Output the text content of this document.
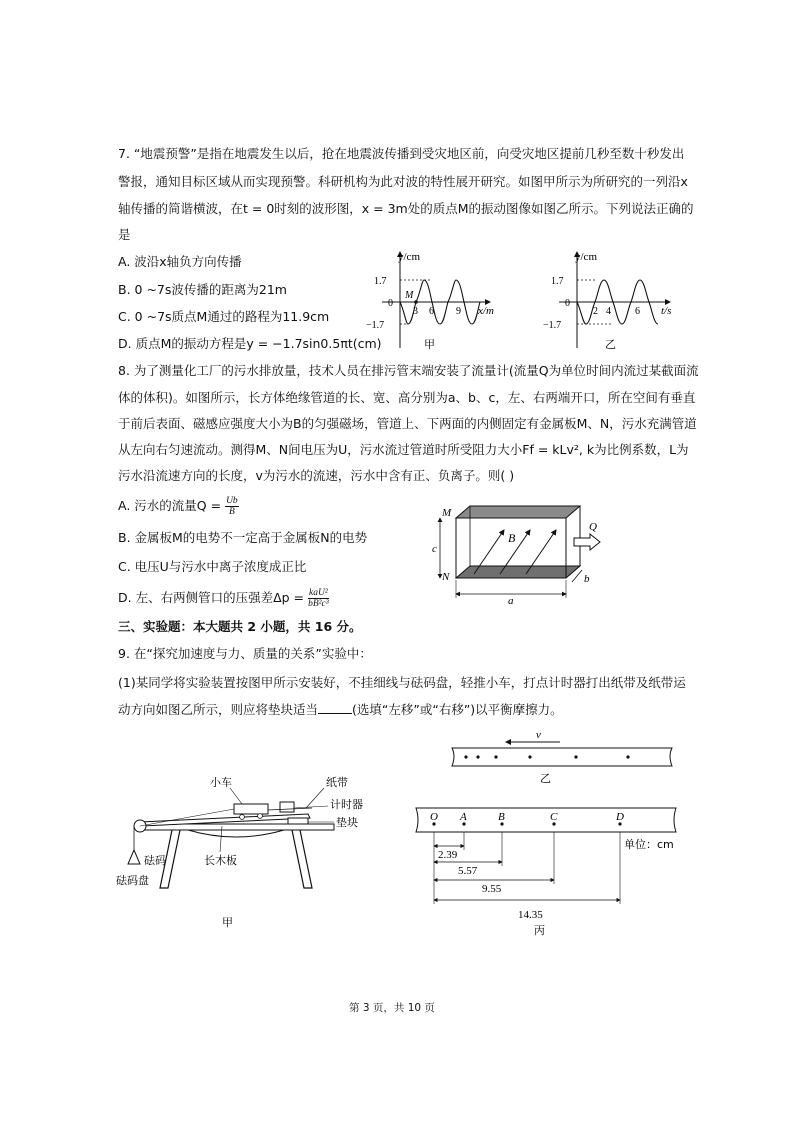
7. “地震预警”是指在地震发生以后，抢在地震波传播到受灾地区前，向受灾地区提前几秒至数十秒发出
警报，通知目标区域从而实现预警。科研机构为此对波的特性展开研究。如图甲所示为所研究的一列沿x
轴传播的简谐横波，在t = 0时刻的波形图，x = 3m处的质点M的振动图像如图乙所示。下列说法正确的
是
A. 波沿x轴负方向传播
B. 0 ~7s波传播的距离为21m
C. 0 ~7s质点M通过的路程为11.9cm
D. 质点M的振动方程是y = −1.7sin0.5πt(cm)
y/cm
x/m
1.7
0
−1.7
M
3 6 9
甲
y/cm
t/s
1.7
0
−1.7
2 4 6
乙
8. 为了测量化工厂的污水排放量，技术人员在排污管末端安装了流量计(流量Q为单位时间内流过某截面流
体的体积)。如图所示，长方体绝缘管道的长、宽、高分别为a、b、c，左、右两端开口，所在空间有垂直
于前后表面、磁感应强度大小为B的匀强磁场，管道上、下两面的内侧固定有金属板M、N，污水充满管道
从左向右匀速流动。测得M、N间电压为U，污水流过管道时所受阻力大小Ff = kLv², k为比例系数，L为
污水沿流速方向的长度，v为污水的流速，污水中含有正、负离子。则( )
A. 污水的流量$Q = \frac{Ub}{B}$
B. 金属板M的电势不一定高于金属板N的电势
C. 电压U与污水中离子浓度成正比
D. 左、右两侧管口的压强差$\Delta p = \frac{\text{kaU²}}{\text{bB²c³}}$
M
N
c
B
Q
a
b
三、实验题：本大题共 2 小题，共 16 分。
9. 在“探究加速度与力、质量的关系”实验中：
(1)某同学将实验装置按图甲所示安装好，不挂细线与砝码盘，轻推小车，打点计时器打出纸带及纸带运
动方向如图乙所示，则应将垫块适当	(选填“左移”或“右移”)以平衡摩擦力。
小车	纸带
计时器
垫块
砝码
砝码盘
长木板
甲
v
乙
O A	B	C	D
2.39
5.57
9.55
14.35
单位：cm
丙
第 3 页，共 10 页
